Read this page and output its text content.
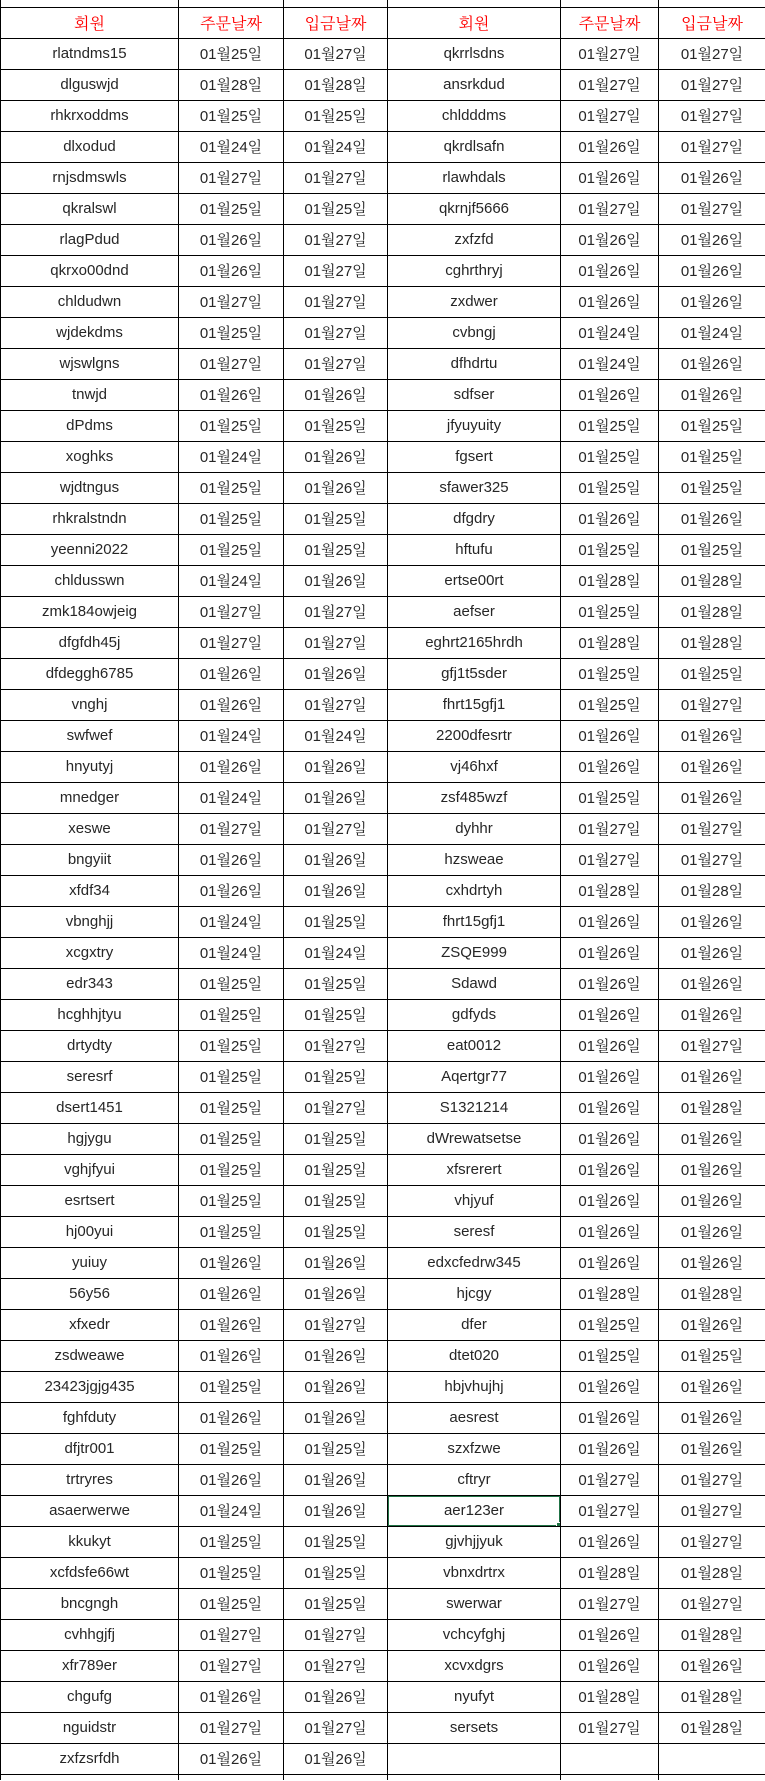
회원	주문날짜	입금날짜	회원	주문날짜	입금날짜
rlatndms15	01월25일	01월27일	qkrrlsdns	01월27일	01월27일
dlguswjd	01월28일	01월28일	ansrkdud	01월27일	01월27일
rhkrxoddms	01월25일	01월25일	chldddms	01월27일	01월27일
dlxodud	01월24일	01월24일	qkrdlsafn	01월26일	01월27일
rnjsdmswls	01월27일	01월27일	rlawhdals	01월26일	01월26일
qkralswl	01월25일	01월25일	qkrnjf5666	01월27일	01월27일
rlagPdud	01월26일	01월27일	zxfzfd	01월26일	01월26일
qkrxo00dnd	01월26일	01월27일	cghrthryj	01월26일	01월26일
chldudwn	01월27일	01월27일	zxdwer	01월26일	01월26일
wjdekdms	01월25일	01월27일	cvbngj	01월24일	01월24일
wjswlgns	01월27일	01월27일	dfhdrtu	01월24일	01월26일
tnwjd	01월26일	01월26일	sdfser	01월26일	01월26일
dPdms	01월25일	01월25일	jfyuyuity	01월25일	01월25일
xoghks	01월24일	01월26일	fgsert	01월25일	01월25일
wjdtngus	01월25일	01월26일	sfawer325	01월25일	01월25일
rhkralstndn	01월25일	01월25일	dfgdry	01월26일	01월26일
yeenni2022	01월25일	01월25일	hftufu	01월25일	01월25일
chldusswn	01월24일	01월26일	ertse00rt	01월28일	01월28일
zmk184owjeig	01월27일	01월27일	aefser	01월25일	01월28일
dfgfdh45j	01월27일	01월27일	eghrt2165hrdh	01월28일	01월28일
dfdeggh6785	01월26일	01월26일	gfj1t5sder	01월25일	01월25일
vnghj	01월26일	01월27일	fhrt15gfj1	01월25일	01월27일
swfwef	01월24일	01월24일	2200dfesrtr	01월26일	01월26일
hnyutyj	01월26일	01월26일	vj46hxf	01월26일	01월26일
mnedger	01월24일	01월26일	zsf485wzf	01월25일	01월26일
xeswe	01월27일	01월27일	dyhhr	01월27일	01월27일
bngyiit	01월26일	01월26일	hzsweae	01월27일	01월27일
xfdf34	01월26일	01월26일	cxhdrtyh	01월28일	01월28일
vbnghjj	01월24일	01월25일	fhrt15gfj1	01월26일	01월26일
xcgxtry	01월24일	01월24일	ZSQE999	01월26일	01월26일
edr343	01월25일	01월25일	Sdawd	01월26일	01월26일
hcghhjtyu	01월25일	01월25일	gdfyds	01월26일	01월26일
drtydty	01월25일	01월27일	eat0012	01월26일	01월27일
seresrf	01월25일	01월25일	Aqertgr77	01월26일	01월26일
dsert1451	01월25일	01월27일	S1321214	01월26일	01월28일
hgjygu	01월25일	01월25일	dWrewatsetse	01월26일	01월26일
vghjfyui	01월25일	01월25일	xfsrerert	01월26일	01월26일
esrtsert	01월25일	01월25일	vhjyuf	01월26일	01월26일
hj00yui	01월25일	01월25일	seresf	01월26일	01월26일
yuiuy	01월26일	01월26일	edxcfedrw345	01월26일	01월26일
56y56	01월26일	01월26일	hjcgy	01월28일	01월28일
xfxedr	01월26일	01월27일	dfer	01월25일	01월26일
zsdweawe	01월26일	01월26일	dtet020	01월25일	01월25일
23423jgjg435	01월25일	01월26일	hbjvhujhj	01월26일	01월26일
fghfduty	01월26일	01월26일	aesrest	01월26일	01월26일
dfjtr001	01월25일	01월25일	szxfzwe	01월26일	01월26일
trtryres	01월26일	01월26일	cftryr	01월27일	01월27일
asaerwerwe	01월24일	01월26일	aer123er	01월27일	01월27일
kkukyt	01월25일	01월25일	gjvhjjyuk	01월26일	01월27일
xcfdsfe66wt	01월25일	01월25일	vbnxdrtrx	01월28일	01월28일
bncgngh	01월25일	01월25일	swerwar	01월27일	01월27일
cvhhgjfj	01월27일	01월27일	vchcyfghj	01월26일	01월28일
xfr789er	01월27일	01월27일	xcvxdgrs	01월26일	01월26일
chgufg	01월26일	01월26일	nyufyt	01월28일	01월28일
nguidstr	01월27일	01월27일	sersets	01월27일	01월28일
zxfzsrfdh	01월26일	01월26일			
